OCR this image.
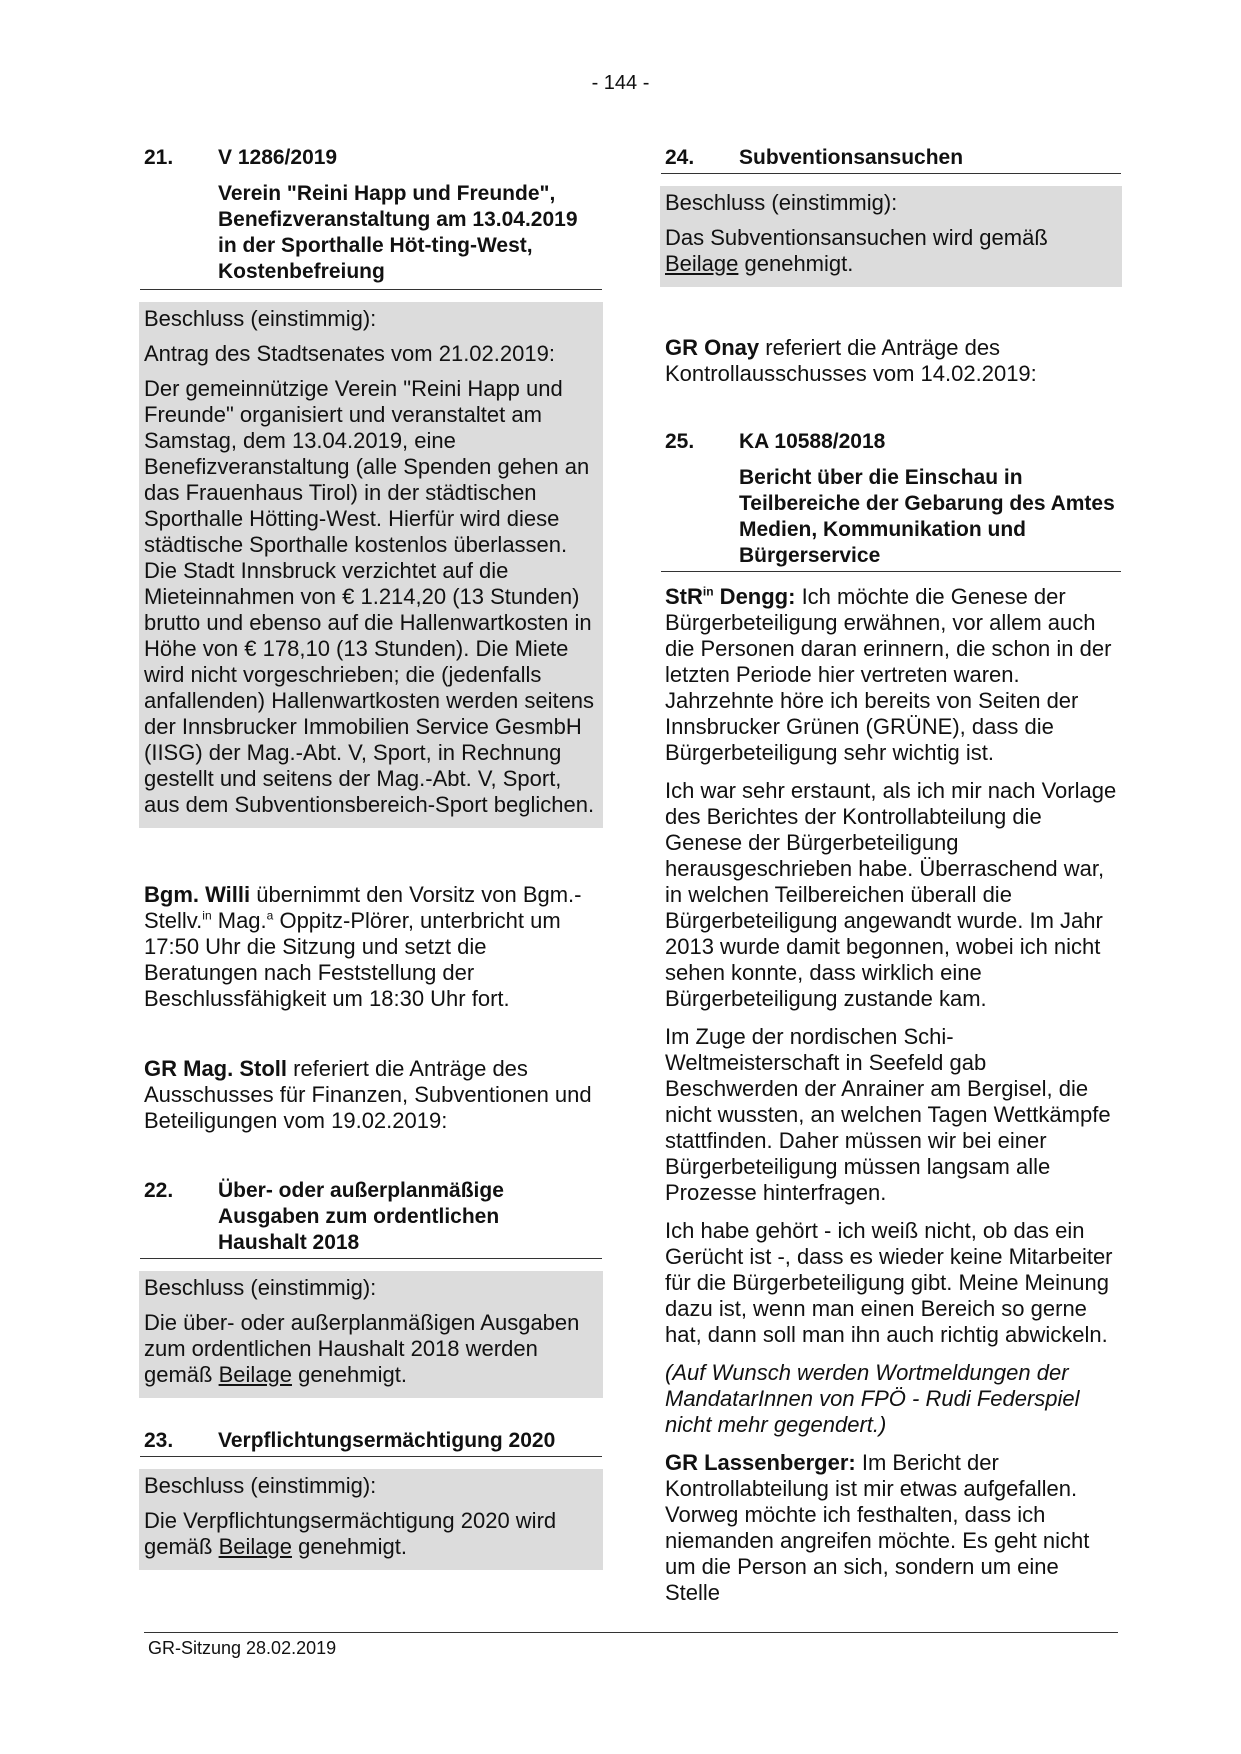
- 144 -
21.	V 1286/2019
Verein "Reini Happ und Freunde", Benefizveranstaltung am 13.04.2019 in der Sporthalle Höt-ting-West, Kostenbefreiung
Beschluss (einstimmig):
Antrag des Stadtsenates vom 21.02.2019:
Der gemeinnützige Verein "Reini Happ und Freunde" organisiert und veranstaltet am Samstag, dem 13.04.2019, eine Benefizveranstaltung (alle Spenden gehen an das Frauenhaus Tirol) in der städtischen Sporthalle Hötting-West. Hierfür wird diese städtische Sporthalle kostenlos überlassen. Die Stadt Innsbruck verzichtet auf die Mieteinnahmen von € 1.214,20 (13 Stunden) brutto und ebenso auf die Hallenwartkosten in Höhe von € 178,10 (13 Stunden). Die Miete wird nicht vorgeschrieben; die (jedenfalls anfallenden) Hallenwartkosten werden seitens der Innsbrucker Immobilien Service GesmbH (IISG) der Mag.-Abt. V, Sport, in Rechnung gestellt und seitens der Mag.-Abt. V, Sport, aus dem Subventionsbereich-Sport beglichen.
Bgm. Willi übernimmt den Vorsitz von Bgm.-Stellv.$^{in}$ Mag.$^a$ Oppitz-Plörer, unterbricht um 17:50 Uhr die Sitzung und setzt die Beratungen nach Feststellung der Beschlussfähigkeit um 18:30 Uhr fort.
GR Mag. Stoll referiert die Anträge des Ausschusses für Finanzen, Subventionen und Beteiligungen vom 19.02.2019:
22.	Über- oder außerplanmäßige Ausgaben zum ordentlichen Haushalt 2018
Beschluss (einstimmig):
Die über- oder außerplanmäßigen Ausgaben zum ordentlichen Haushalt 2018 werden gemäß Beilage genehmigt.
23.	Verpflichtungsermächtigung 2020
Beschluss (einstimmig):
Die Verpflichtungsermächtigung 2020 wird gemäß Beilage genehmigt.
24.	Subventionsansuchen
Beschluss (einstimmig):
Das Subventionsansuchen wird gemäß Beilage genehmigt.
GR Onay referiert die Anträge des Kontrollausschusses vom 14.02.2019:
25.	KA 10588/2018
Bericht über die Einschau in Teilbereiche der Gebarung des Amtes Medien, Kommunikation und Bürgerservice
StR$^{in}$ Dengg: Ich möchte die Genese der Bürgerbeteiligung erwähnen, vor allem auch die Personen daran erinnern, die schon in der letzten Periode hier vertreten waren. Jahrzehnte höre ich bereits von Seiten der Innsbrucker Grünen (GRÜNE), dass die Bürgerbeteiligung sehr wichtig ist.
Ich war sehr erstaunt, als ich mir nach Vorlage des Berichtes der Kontrollabteilung die Genese der Bürgerbeteiligung herausgeschrieben habe. Überraschend war, in welchen Teilbereichen überall die Bürgerbeteiligung angewandt wurde. Im Jahr 2013 wurde damit begonnen, wobei ich nicht sehen konnte, dass wirklich eine Bürgerbeteiligung zustande kam.
Im Zuge der nordischen Schi-Weltmeisterschaft in Seefeld gab Beschwerden der Anrainer am Bergisel, die nicht wussten, an welchen Tagen Wettkämpfe stattfinden. Daher müssen wir bei einer Bürgerbeteiligung müssen langsam alle Prozesse hinterfragen.
Ich habe gehört - ich weiß nicht, ob das ein Gerücht ist -, dass es wieder keine Mitarbeiter für die Bürgerbeteiligung gibt. Meine Meinung dazu ist, wenn man einen Bereich so gerne hat, dann soll man ihn auch richtig abwickeln.
(Auf Wunsch werden Wortmeldungen der MandatarInnen von FPÖ - Rudi Federspiel nicht mehr gegendert.)
GR Lassenberger: Im Bericht der Kontrollabteilung ist mir etwas aufgefallen. Vorweg möchte ich festhalten, dass ich niemanden angreifen möchte. Es geht nicht um die Person an sich, sondern um eine Stelle
GR-Sitzung 28.02.2019
